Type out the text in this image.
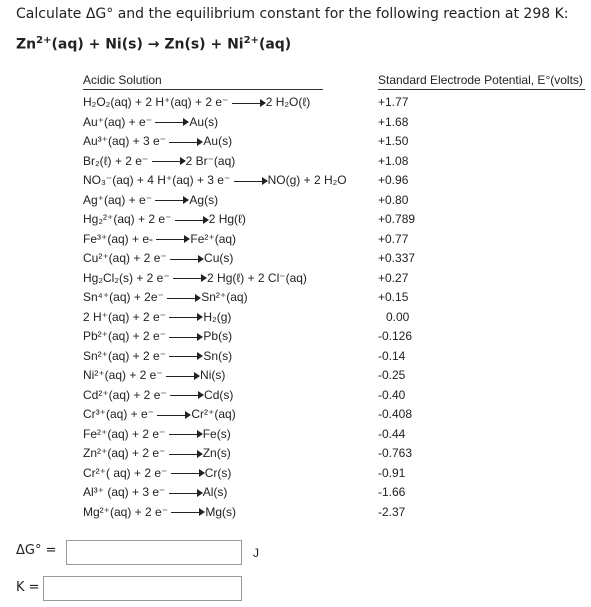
Calculate ΔG° and the equilibrium constant for the following reaction at 298 K:
$Zn^{2+}(aq) + Ni(s) \to Zn(s) + Ni^{2+}(aq)$
Acidic Solution	Standard Electrode Potential, E°(volts)
H₂O₂(aq) + 2 H⁺(aq) + 2 e⁻	2 H₂O(ℓ)	+1.77
Au⁺(aq) + e⁻	Au(s)	+1.68
Au³⁺(aq) + 3 e⁻	Au(s)	+1.50
Br₂(ℓ) + 2 e⁻	2 Br⁻(aq)	+1.08
NO₃⁻(aq) + 4 H⁺(aq) + 3 e⁻	NO(g) + 2 H₂O	+0.96
Ag⁺(aq) + e⁻	Ag(s)	+0.80
Hg₂²⁺(aq) + 2 e⁻	2 Hg(ℓ)	+0.789
Fe³⁺(aq) + e-	Fe²⁺(aq)	+0.77
Cu²⁺(aq) + 2 e⁻	Cu(s)	+0.337
Hg₂Cl₂(s) + 2 e⁻	2 Hg(ℓ) + 2 Cl⁻(aq)	+0.27
Sn⁴⁺(aq) + 2e⁻	Sn²⁺(aq)	+0.15
2 H⁺(aq) + 2 e⁻	H₂(g)	0.00
Pb²⁺(aq) + 2 e⁻	Pb(s)	-0.126
Sn²⁺(aq) + 2 e⁻	Sn(s)	-0.14
Ni²⁺(aq) + 2 e⁻	Ni(s)	-0.25
Cd²⁺(aq) + 2 e⁻	Cd(s)	-0.40
Cr³⁺(aq) + e⁻	Cr²⁺(aq)	-0.408
Fe²⁺(aq) + 2 e⁻	Fe(s)	-0.44
Zn²⁺(aq) + 2 e⁻	Zn(s)	-0.763
Cr²⁺( aq) + 2 e⁻	Cr(s)	-0.91
Al³⁺ (aq) + 3 e⁻	Al(s)	-1.66
Mg²⁺(aq) + 2 e⁻	Mg(s)	-2.37
ΔG° =	J
K =
